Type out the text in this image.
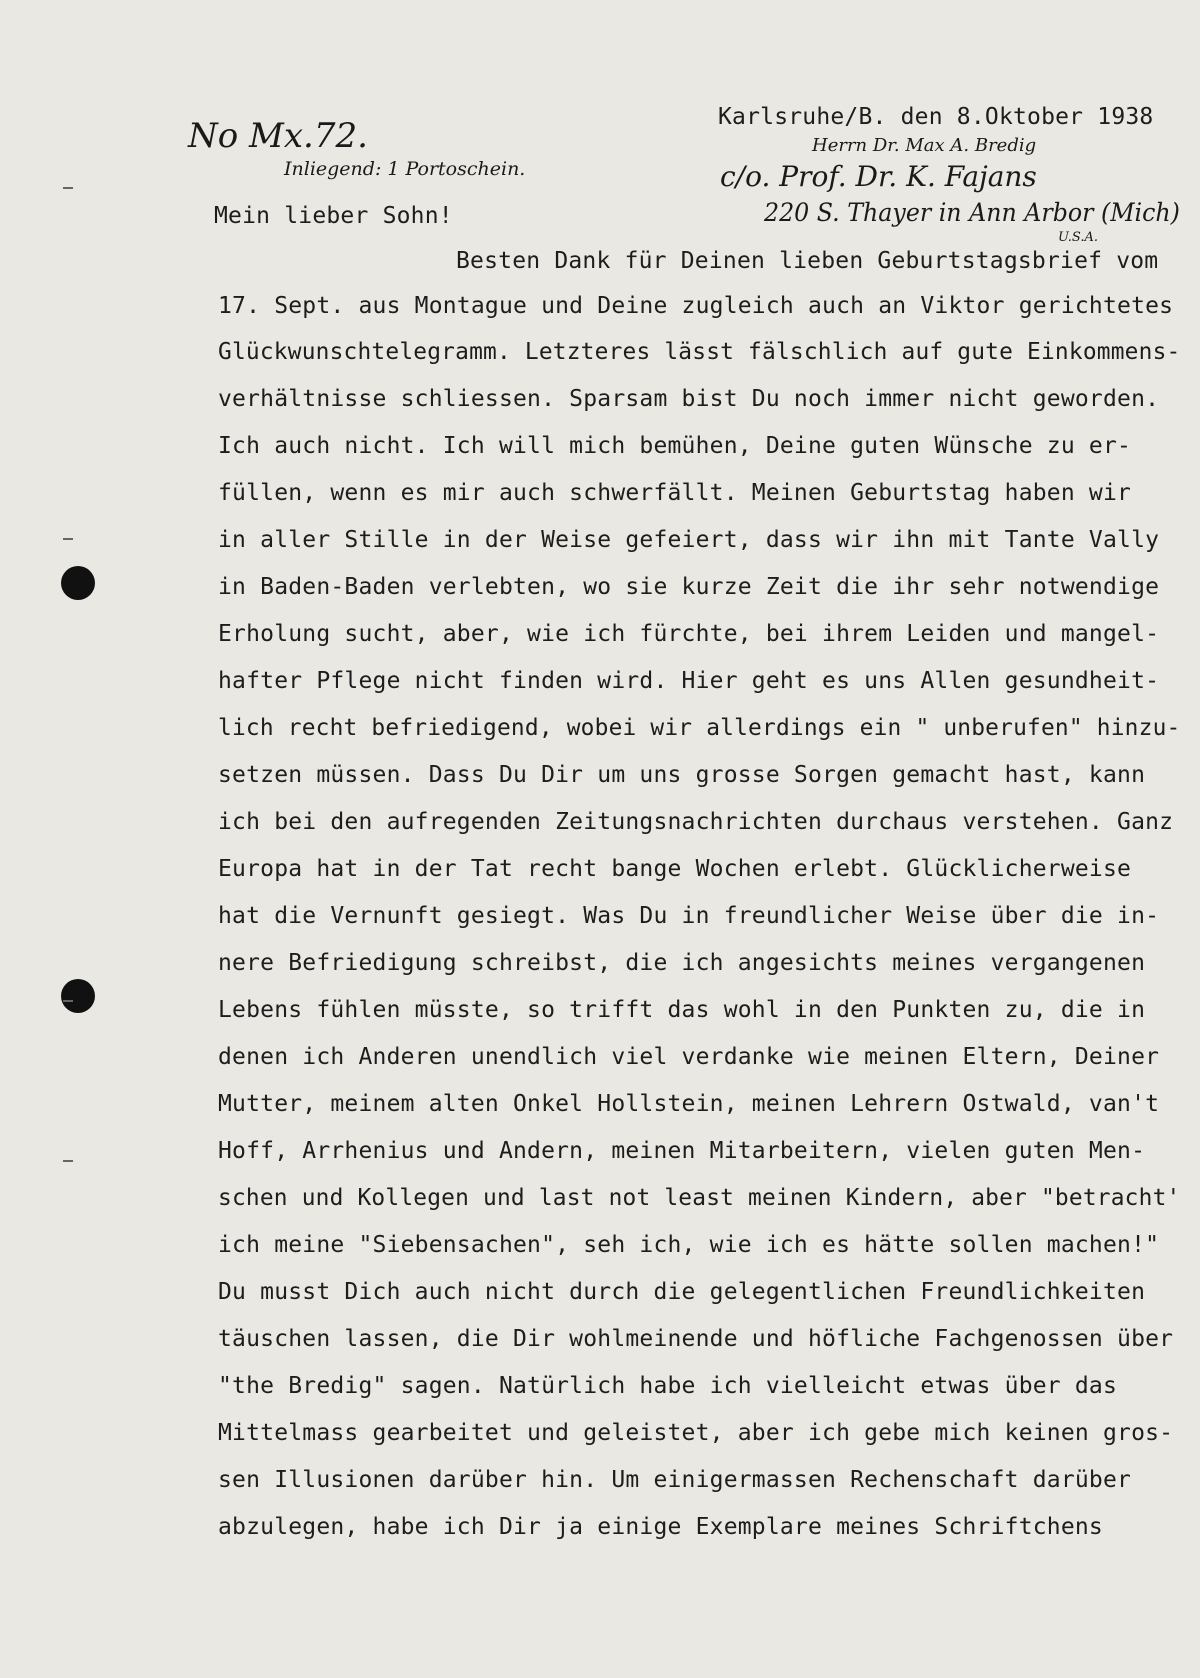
Karlsruhe/B. den 8.Oktober 1938

No Mx.72.

Inliegend: 1 Portoschein.

Herrn Dr. Max A. Bredig

c/o. Prof. Dr. K. Fajans

220 S. Thayer in Ann Arbor (Mich)

U.S.A.

Mein lieber Sohn!

Besten Dank für Deinen lieben Geburtstagsbrief vom

17. Sept. aus Montague und Deine zugleich auch an Viktor gerichtetes

Glückwunschtelegramm. Letzteres lässt fälschlich auf gute Einkommens-

verhältnisse schliessen. Sparsam bist Du noch immer nicht geworden.

Ich auch nicht. Ich will mich bemühen, Deine guten Wünsche zu er-

füllen, wenn es mir auch schwerfällt. Meinen Geburtstag haben wir

in aller Stille in der Weise gefeiert, dass wir ihn mit Tante Vally

in Baden-Baden verlebten, wo sie kurze Zeit die ihr sehr notwendige

Erholung sucht, aber, wie ich fürchte, bei ihrem Leiden und mangel-

hafter Pflege nicht finden wird. Hier geht es uns Allen gesundheit-

lich recht befriedigend, wobei wir allerdings ein " unberufen" hinzu-

setzen müssen. Dass Du Dir um uns grosse Sorgen gemacht hast, kann

ich bei den aufregenden Zeitungsnachrichten durchaus verstehen. Ganz

Europa hat in der Tat recht bange Wochen erlebt. Glücklicherweise

hat die Vernunft gesiegt. Was Du in freundlicher Weise über die in-

nere Befriedigung schreibst, die ich angesichts meines vergangenen

Lebens fühlen müsste, so trifft das wohl in den Punkten zu, die in

denen ich Anderen unendlich viel verdanke wie meinen Eltern, Deiner

Mutter, meinem alten Onkel Hollstein, meinen Lehrern Ostwald, van't

Hoff, Arrhenius und Andern, meinen Mitarbeitern, vielen guten Men-

schen und Kollegen und last not least meinen Kindern, aber "betracht'

ich meine "Siebensachen", seh ich, wie ich es hätte sollen machen!"

Du musst Dich auch nicht durch die gelegentlichen Freundlichkeiten

täuschen lassen, die Dir wohlmeinende und höfliche Fachgenossen über

"the Bredig" sagen. Natürlich habe ich vielleicht etwas über das

Mittelmass gearbeitet und geleistet, aber ich gebe mich keinen gros-

sen Illusionen darüber hin. Um einigermassen Rechenschaft darüber

abzulegen, habe ich Dir ja einige Exemplare meines Schriftchens
